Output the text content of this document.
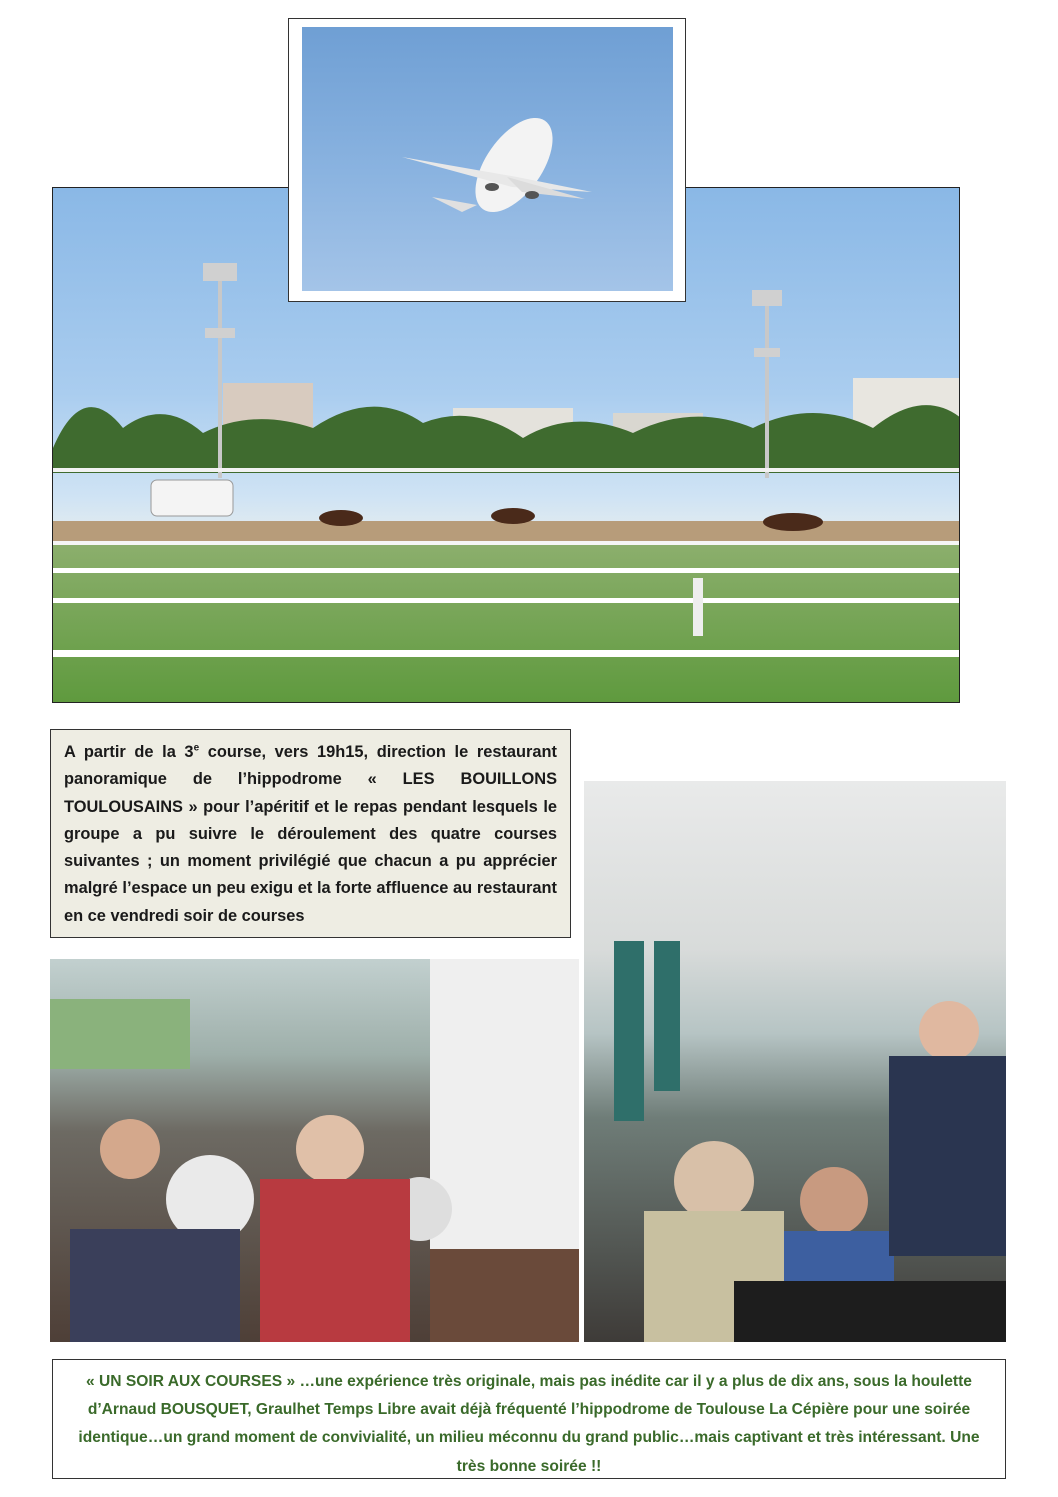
A partir de la 3e course, vers 19h15, direction le restaurant panoramique de l’hippodrome « LES BOUILLONS TOULOUSAINS » pour l’apéritif et le repas pendant lesquels le groupe a pu suivre le déroulement des quatre courses suivantes ; un moment privilégié que chacun a pu apprécier malgré l’espace un peu exigu et la forte affluence au restaurant en ce vendredi soir de courses
« UN SOIR AUX COURSES » …une expérience très originale, mais pas inédite car il y a plus de dix ans, sous la houlette d’Arnaud BOUSQUET, Graulhet Temps Libre avait déjà fréquenté l’hippodrome de Toulouse La Cépière pour une soirée identique…un grand moment de convivialité, un milieu méconnu du grand public…mais captivant et très intéressant. Une très bonne soirée !!
